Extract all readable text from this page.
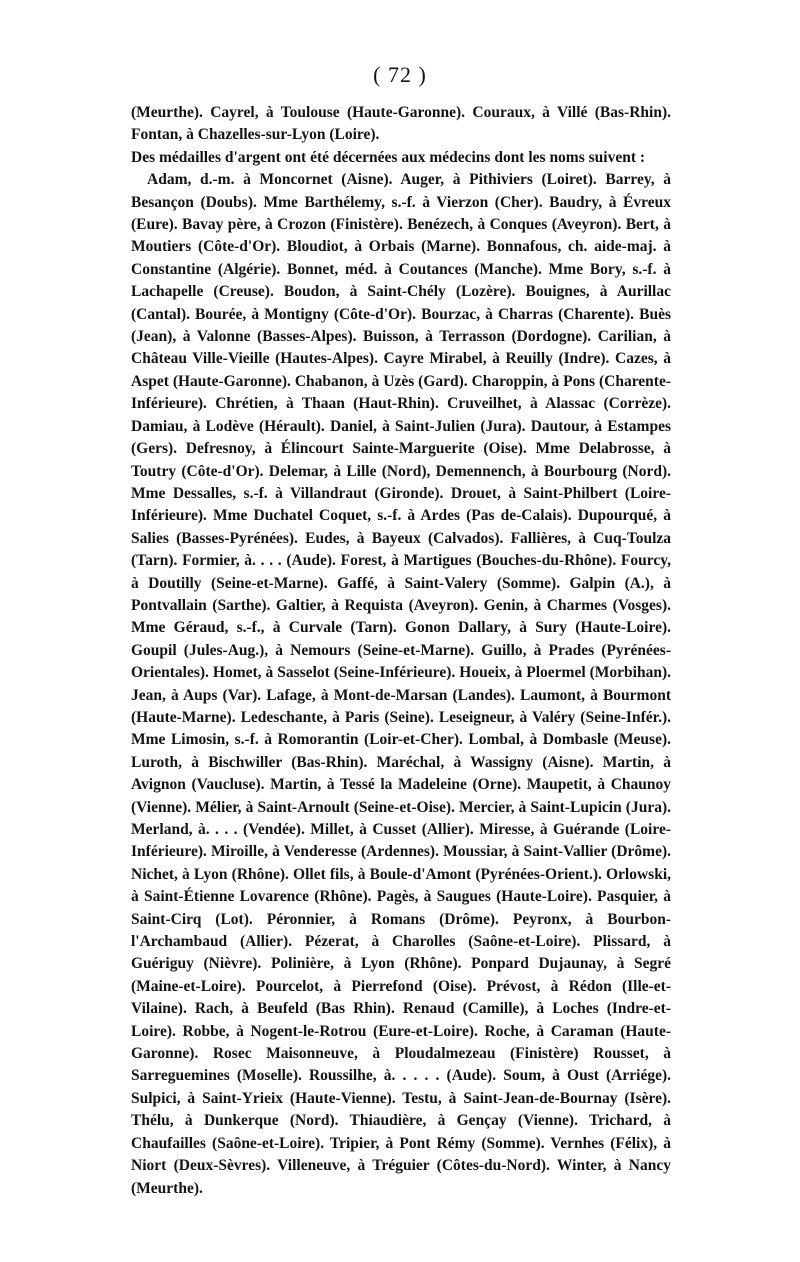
( 72 )

(Meurthe). Cayrel, à Toulouse (Haute-Garonne). Couraux, à Villé (Bas-Rhin). Fontan, à Chazelles-sur-Lyon (Loire).

Des médailles d'argent ont été décernées aux médecins dont les noms suivent :

Adam, d.-m. à Moncornet (Aisne). Auger, à Pithiviers (Loiret). Barrey, à Besançon (Doubs). Mme Barthélemy, s.-f. à Vierzon (Cher). Baudry, à Évreux (Eure). Bavay père, à Crozon (Finistère). Benézech, à Conques (Aveyron). Bert, à Moutiers (Côte-d'Or). Bloudiot, à Orbais (Marne). Bonnafous, ch. aide-maj. à Constantine (Algérie). Bonnet, méd. à Coutances (Manche). Mme Bory, s.-f. à Lachapelle (Creuse). Boudon, à Saint-Chély (Lozère). Bouignes, à Aurillac (Cantal). Bourée, à Montigny (Côte-d'Or). Bourzac, à Charras (Charente). Buès (Jean), à Valonne (Basses-Alpes). Buisson, à Terrasson (Dordogne). Carilian, à Château Ville-Vieille (Hautes-Alpes). Cayre Mirabel, à Reuilly (Indre). Cazes, à Aspet (Haute-Garonne). Chabanon, à Uzès (Gard). Charoppin, à Pons (Charente-Inférieure). Chrétien, à Thaan (Haut-Rhin). Cruveilhet, à Alassac (Corrèze). Damiau, à Lodève (Hérault). Daniel, à Saint-Julien (Jura). Dautour, à Estampes (Gers). Defresnoy, à Élincourt Sainte-Marguerite (Oise). Mme Delabrosse, à Toutry (Côte-d'Or). Delemar, à Lille (Nord), Demennench, à Bourbourg (Nord). Mme Dessalles, s.-f. à Villandraut (Gironde). Drouet, à Saint-Philbert (Loire-Inférieure). Mme Duchatel Coquet, s.-f. à Ardes (Pas de-Calais). Dupourqué, à Salies (Basses-Pyrénées). Eudes, à Bayeux (Calvados). Fallières, à Cuq-Toulza (Tarn). Formier, à. . . . (Aude). Forest, à Martigues (Bouches-du-Rhône). Fourcy, à Doutilly (Seine-et-Marne). Gaffé, à Saint-Valery (Somme). Galpin (A.), à Pontvallain (Sarthe). Galtier, à Requista (Aveyron). Genin, à Charmes (Vosges). Mme Géraud, s.-f., à Curvale (Tarn). Gonon Dallary, à Sury (Haute-Loire). Goupil (Jules-Aug.), à Nemours (Seine-et-Marne). Guillo, à Prades (Pyrénées-Orientales). Homet, à Sasselot (Seine-Inférieure). Houeix, à Ploermel (Morbihan). Jean, à Aups (Var). Lafage, à Mont-de-Marsan (Landes). Laumont, à Bourmont (Haute-Marne). Ledeschante, à Paris (Seine). Leseigneur, à Valéry (Seine-Infér.). Mme Limosin, s.-f. à Romorantin (Loir-et-Cher). Lombal, à Dombasle (Meuse). Luroth, à Bischwiller (Bas-Rhin). Maréchal, à Wassigny (Aisne). Martin, à Avignon (Vaucluse). Martin, à Tessé la Madeleine (Orne). Maupetit, à Chaunoy (Vienne). Mélier, à Saint-Arnoult (Seine-et-Oise). Mercier, à Saint-Lupicin (Jura). Merland, à. . . . (Vendée). Millet, à Cusset (Allier). Miresse, à Guérande (Loire-Inférieure). Miroille, à Venderesse (Ardennes). Moussiar, à Saint-Vallier (Drôme). Nichet, à Lyon (Rhône). Ollet fils, à Boule-d'Amont (Pyrénées-Orient.). Orlowski, à Saint-Étienne Lovarence (Rhône). Pagès, à Saugues (Haute-Loire). Pasquier, à Saint-Cirq (Lot). Péronnier, à Romans (Drôme). Peyronx, à Bourbon-l'Archambaud (Allier). Pézerat, à Charolles (Saône-et-Loire). Plissard, à Guériguy (Nièvre). Polinière, à Lyon (Rhône). Ponpard Dujaunay, à Segré (Maine-et-Loire). Pourcelot, à Pierrefond (Oise). Prévost, à Rédon (Ille-et-Vilaine). Rach, à Beufeld (Bas Rhin). Renaud (Camille), à Loches (Indre-et-Loire). Robbe, à Nogent-le-Rotrou (Eure-et-Loire). Roche, à Caraman (Haute-Garonne). Rosec Maisonneuve, à Ploudalmezeau (Finistère) Rousset, à Sarreguemines (Moselle). Roussilhe, à. . . . . (Aude). Soum, à Oust (Arriége). Sulpici, à Saint-Yrieix (Haute-Vienne). Testu, à Saint-Jean-de-Bournay (Isère). Thélu, à Dunkerque (Nord). Thiaudière, à Gençay (Vienne). Trichard, à Chaufailles (Saône-et-Loire). Tripier, à Pont Rémy (Somme). Vernhes (Félix), à Niort (Deux-Sèvres). Villeneuve, à Tréguier (Côtes-du-Nord). Winter, à Nancy (Meurthe).
